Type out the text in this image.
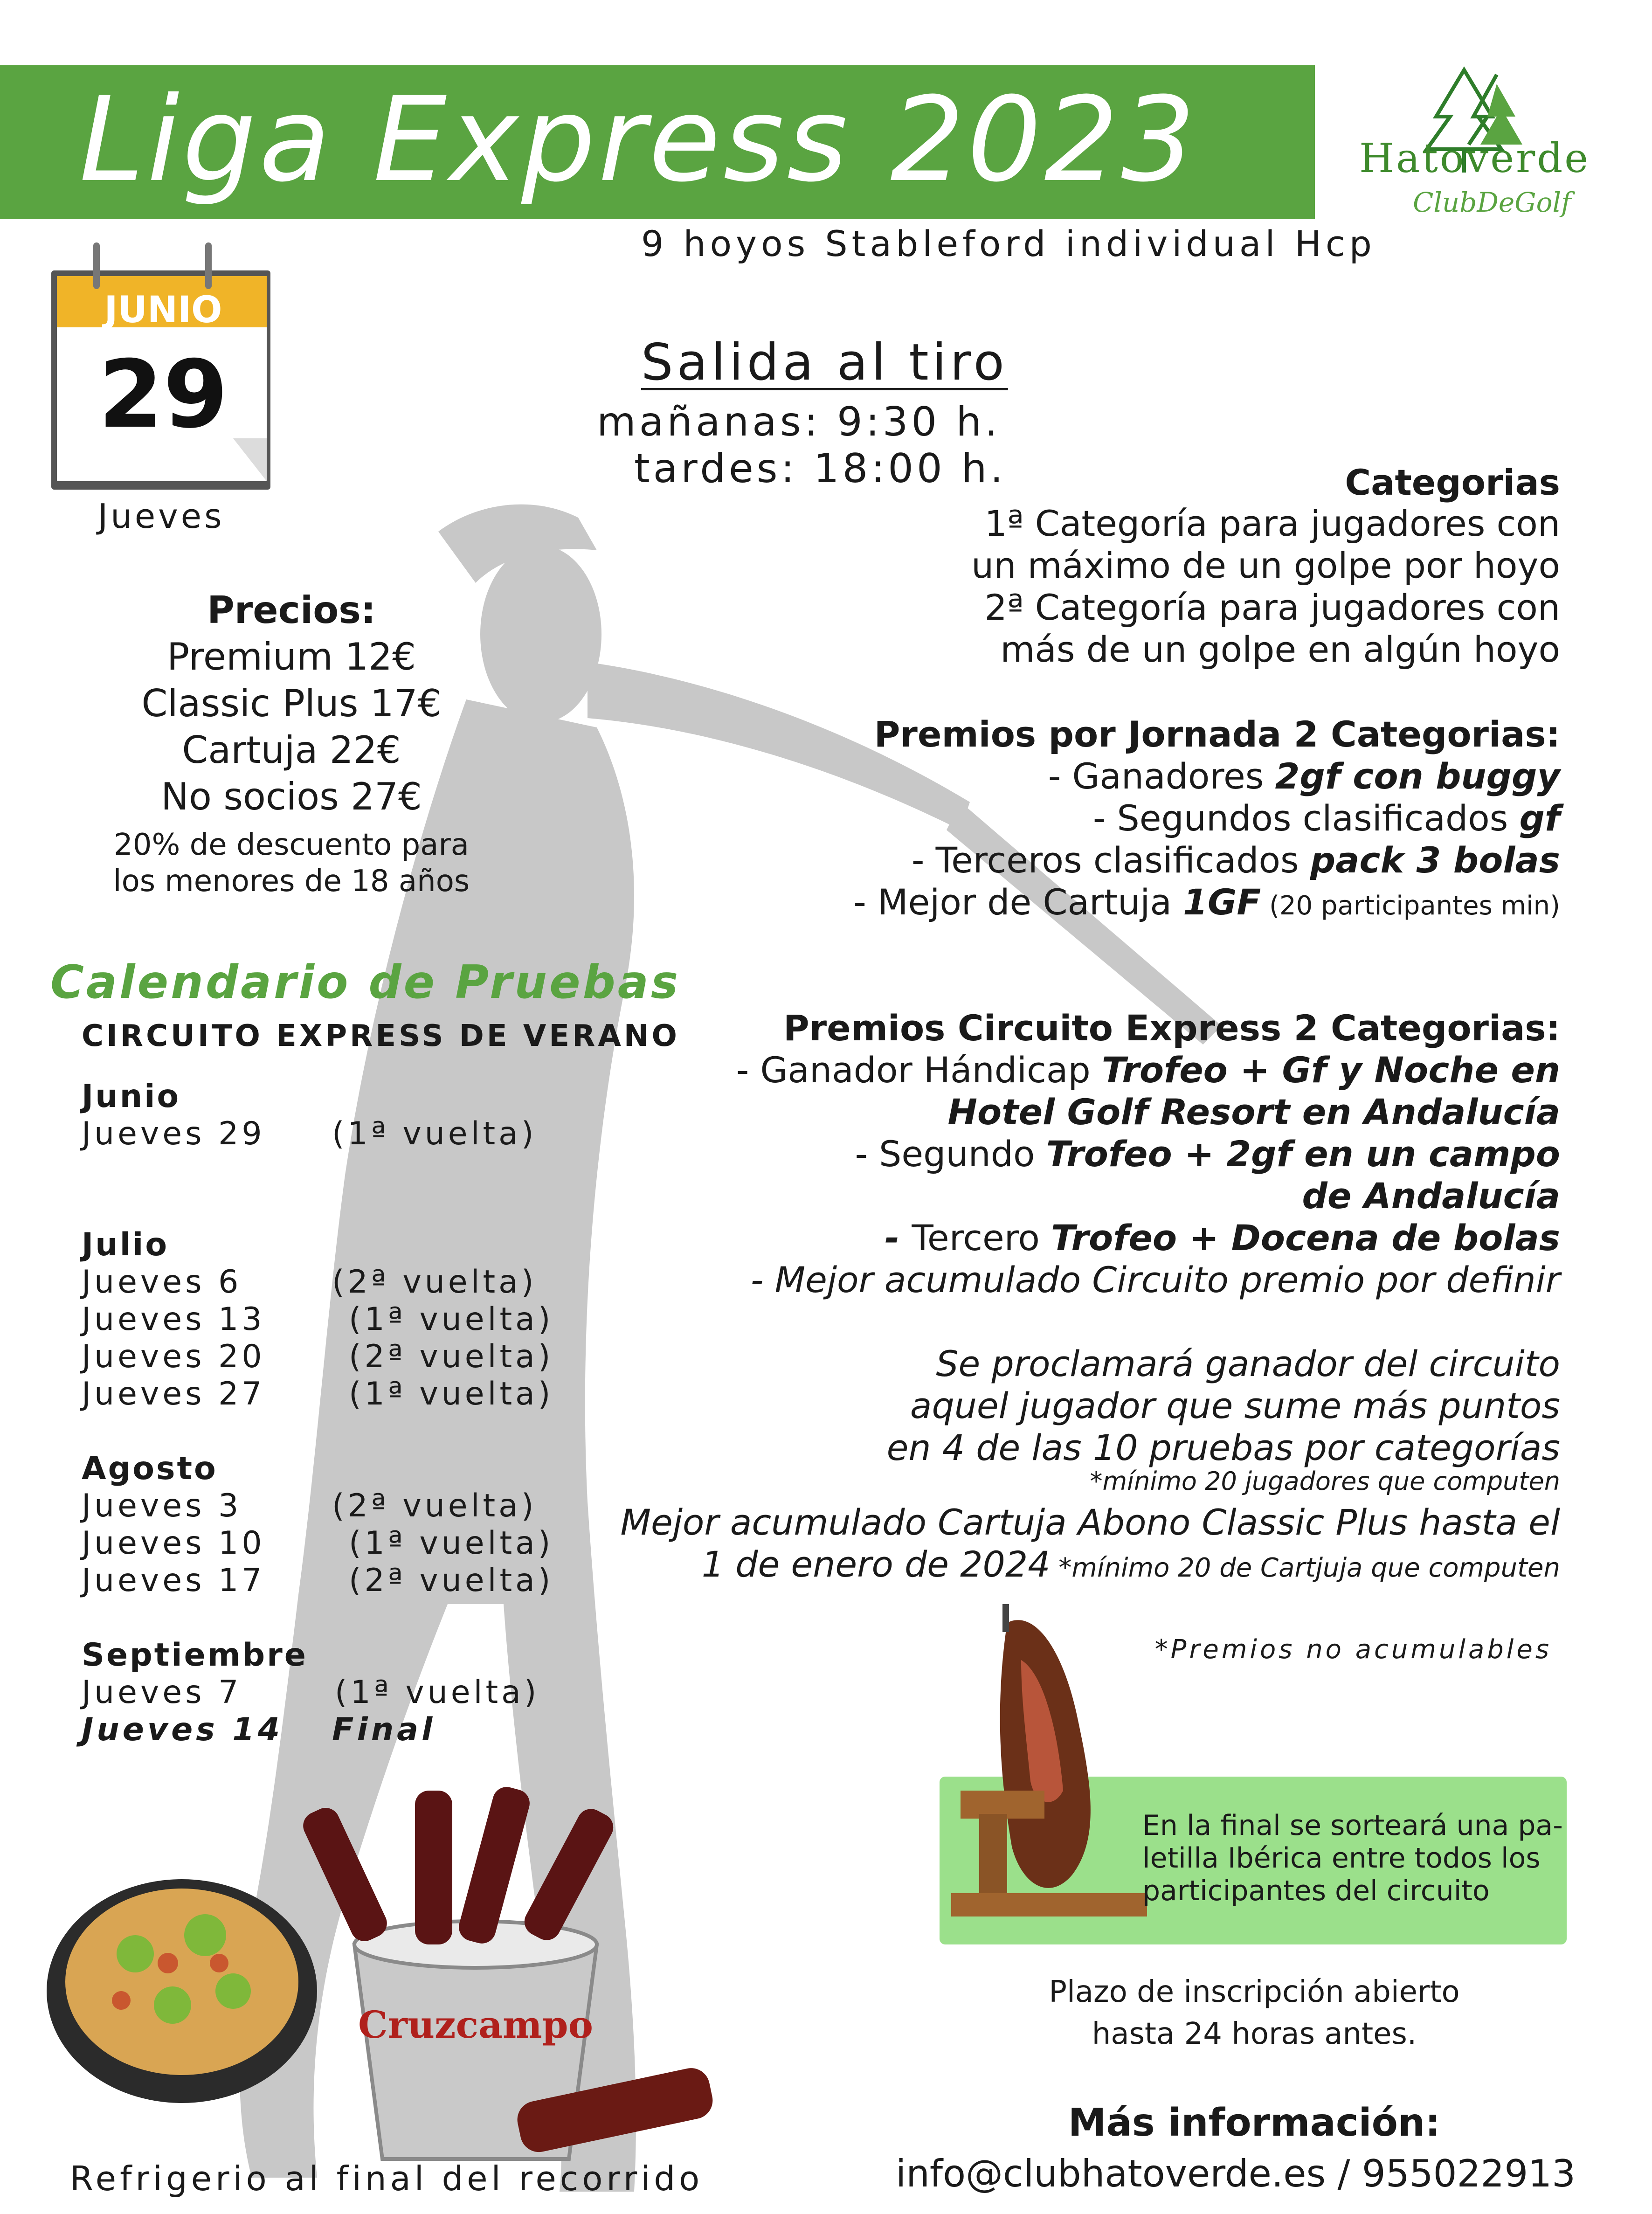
Liga Express 2023
9 hoyos Stableford individual Hcp
Hatoverde
ClubDeGolf
JUNIO
29
Jueves
Salida al tiro
mañanas: 9:30 h.
tardes: 18:00 h.
Precios:
Premium 12€
Classic Plus 17€
Cartuja 22€
No socios 27€
20% de descuento para
los menores de 18 años
Categorias
1ª Categoría para jugadores con
un máximo de un golpe por hoyo
2ª Categoría para jugadores con
más de un golpe en algún hoyo
Premios por Jornada 2 Categorias:
- Ganadores 2gf con buggy
- Segundos clasificados gf
- Terceros clasificados pack 3 bolas
- Mejor de Cartuja 1GF (20 participantes min)
Premios Circuito Express 2 Categorias:
- Ganador Hándicap Trofeo + Gf y Noche en
Hotel Golf Resort en Andalucía
- Segundo Trofeo + 2gf en un campo
de Andalucía
- Tercero Trofeo + Docena de bolas
- Mejor acumulado Circuito premio por definir
Se proclamará ganador del circuito
aquel jugador que sume más puntos
en 4 de las 10 pruebas por categorías
*mínimo 20 jugadores que computen
Mejor acumulado Cartuja Abono Classic Plus hasta el
1 de enero de 2024 *mínimo 20 de Cartjuja que computen
*Premios no acumulables
Calendario de Pruebas
CIRCUITO EXPRESS DE VERANO
Junio
Jueves 29 (1ª vuelta)
Julio
Jueves 6	(2ª vuelta)
Jueves 13	(1ª vuelta)
Jueves 20	(2ª vuelta)
Jueves 27	(1ª vuelta)
Agosto
Jueves 3	(2ª vuelta)
Jueves 10	(1ª vuelta)
Jueves 17	(2ª vuelta)
Septiembre
Jueves 7	(1ª vuelta)
Jueves 14 Final
Cruzcampo
Refrigerio al final del recorrido
En la final se sorteará una pa-
letilla Ibérica entre todos los
participantes del circuito
Plazo de inscripción abierto
hasta 24 horas antes.
Más información:
info@clubhatoverde.es / 955022913
